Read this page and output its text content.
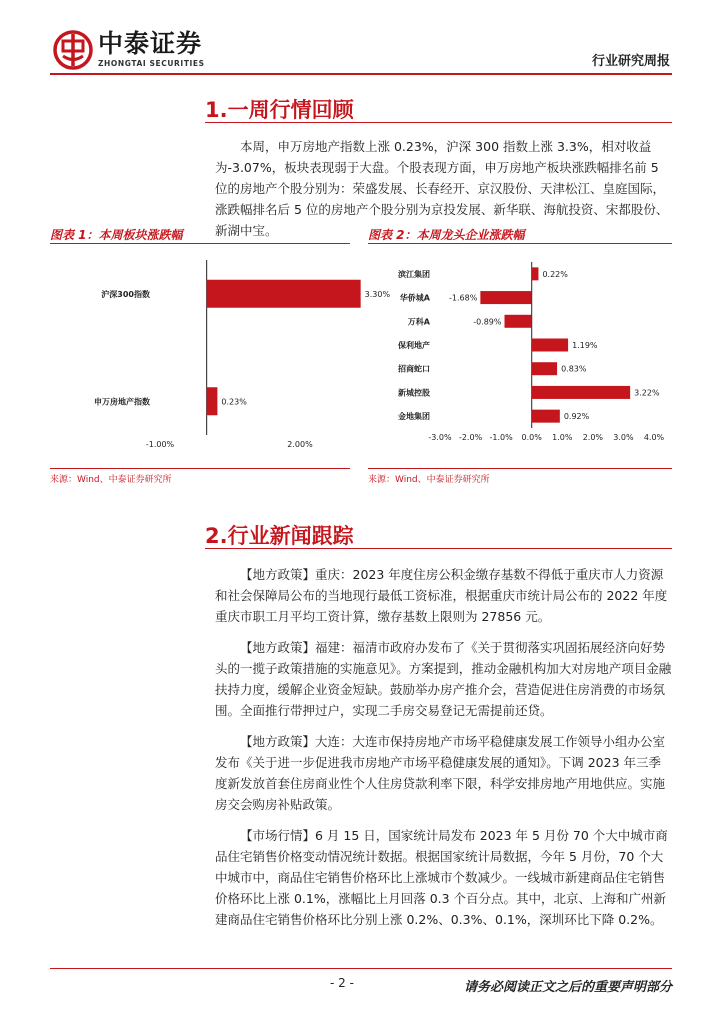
中泰证券
ZHONGTAI SECURITIES	行业研究周报
1.一周行情回顾

本周，申万房地产指数上涨 0.23%，沪深 300 指数上涨 3.3%，相对收益为-3.07%，板块表现弱于大盘。个股表现方面，申万房地产板块涨跌幅排名前 5 位的房地产个股分别为：荣盛发展、长春经开、京汉股份、天津松江、皇庭国际，涨跌幅排名后 5 位的房地产个股分别为京投发展、新华联、海航投资、宋都股份、新湖中宝。

图表 1：本周板块涨跌幅
沪深300指数	3.30%
申万房地产指数	0.23%
-1.00%	2.00%
来源：Wind、中泰证券研究所
图表 2：本周龙头企业涨跌幅
滨江集团	0.22%
华侨城A -1.68%
万科A	-0.89%
保利地产	1.19%
招商蛇口	0.83%
新城控股	3.22%
金地集团	0.92%
-3.0% -2.0% -1.0% 0.0% 1.0% 2.0% 3.0% 4.0%
来源：Wind、中泰证券研究所
2.行业新闻跟踪

【地方政策】重庆：2023 年度住房公积金缴存基数不得低于重庆市人力资源和社会保障局公布的当地现行最低工资标准，根据重庆市统计局公布的 2022 年度重庆市职工月平均工资计算，缴存基数上限则为 27856 元。

【地方政策】福建：福清市政府办发布了《关于贯彻落实巩固拓展经济向好势头的一揽子政策措施的实施意见》。方案提到，推动金融机构加大对房地产项目金融扶持力度，缓解企业资金短缺。鼓励举办房产推介会，营造促进住房消费的市场氛围。全面推行带押过户，实现二手房交易登记无需提前还贷。

【地方政策】大连：大连市保持房地产市场平稳健康发展工作领导小组办公室发布《关于进一步促进我市房地产市场平稳健康发展的通知》。下调 2023 年三季度新发放首套住房商业性个人住房贷款利率下限，科学安排房地产用地供应。实施房交会购房补贴政策。

【市场行情】6 月 15 日，国家统计局发布 2023 年 5 月份 70 个大中城市商品住宅销售价格变动情况统计数据。根据国家统计局数据，今年 5 月份，70 个大中城市中，商品住宅销售价格环比上涨城市个数减少。一线城市新建商品住宅销售价格环比上涨 0.1%，涨幅比上月回落 0.3 个百分点。其中，北京、上海和广州新建商品住宅销售价格环比分别上涨 0.2%、0.3%、0.1%，深圳环比下降 0.2%。

- 2 -	请务必阅读正文之后的重要声明部分
